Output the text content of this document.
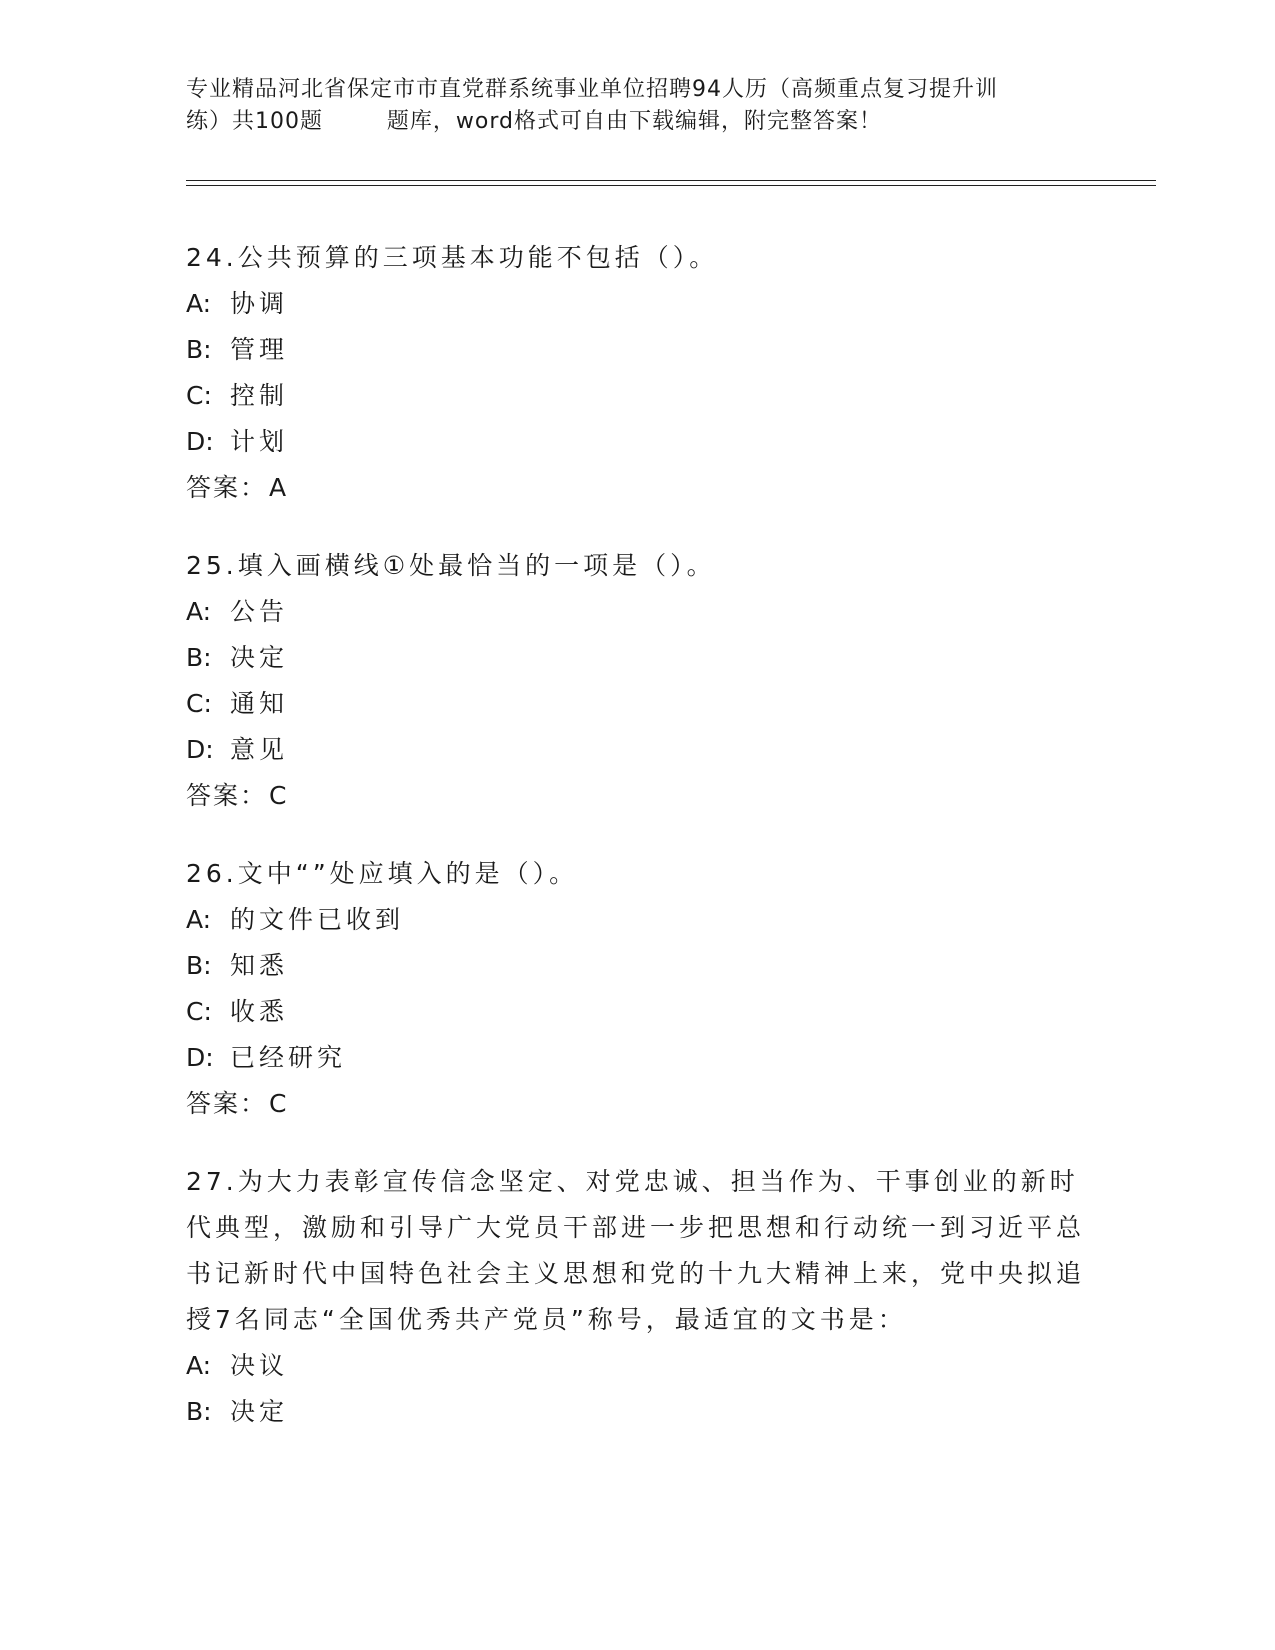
专业精品河北省保定市市直党群系统事业单位招聘94人历（高频重点复习提升训
练）共100题        题库，word格式可自由下载编辑，附完整答案！
24.公共预算的三项基本功能不包括（）。
A: 协调
B: 管理
C: 控制
D: 计划
答案：A
25.填入画横线①处最恰当的一项是（）。
A: 公告
B: 决定
C: 通知
D: 意见
答案：C
26.文中“”处应填入的是（）。
A: 的文件已收到
B: 知悉
C: 收悉
D: 已经研究
答案：C
27.为大力表彰宣传信念坚定、对党忠诚、担当作为、干事创业的新时代典型，激励和引导广大党员干部进一步把思想和行动统一到习近平总书记新时代中国特色社会主义思想和党的十九大精神上来，党中央拟追授7名同志“全国优秀共产党员”称号，最适宜的文书是：
A: 决议
B: 决定
